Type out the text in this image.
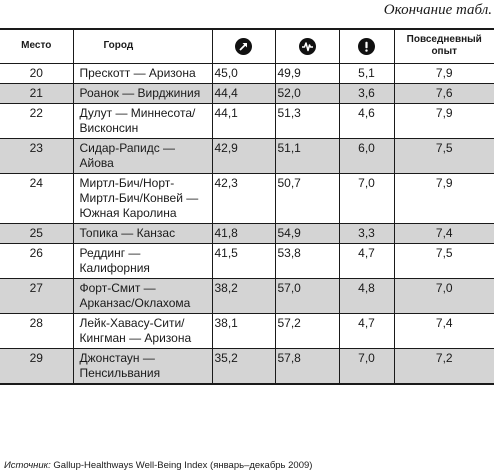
Окончание табл.
Место	Город				Повседневный опыт
20	Прескотт — Аризона	45,0	49,9	5,1	7,9
21	Роанок — Вирджиния	44,4	52,0	3,6	7,6
22	Дулут — Миннесота/Висконсин	44,1	51,3	4,6	7,9
23	Сидар-Рапидс — Айова	42,9	51,1	6,0	7,5
24	Миртл-Бич/Норт-Миртл-Бич/Конвей — Южная Каролина	42,3	50,7	7,0	7,9
25	Топика — Канзас	41,8	54,9	3,3	7,4
26	Реддинг — Калифорния	41,5	53,8	4,7	7,5
27	Форт-Смит — Арканзас/Оклахома	38,2	57,0	4,8	7,0
28	Лейк-Хавасу-Сити/Кингман — Аризона	38,1	57,2	4,7	7,4
29	Джонстаун — Пенсильвания	35,2	57,8	7,0	7,2
Источник: Gallup-Healthways Well-Being Index (январь–декабрь 2009)
